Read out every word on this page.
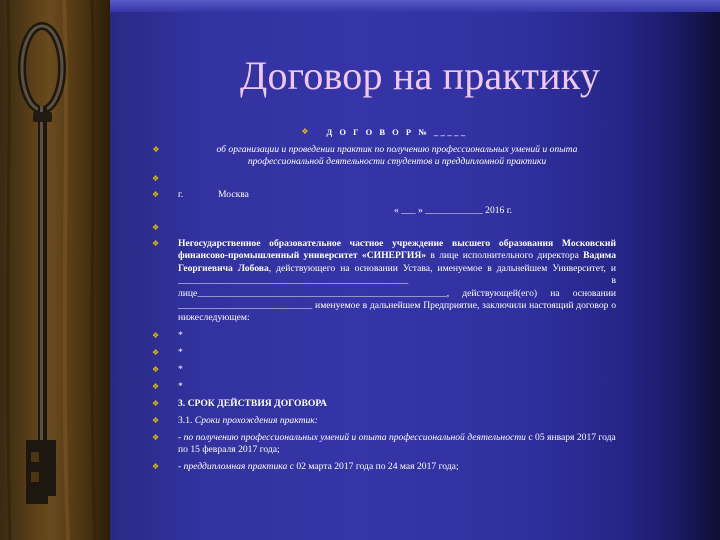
Договор на практику
❖ Д О Г О В О Р № _____
❖	об организации и проведении практик по получению профессиональных умений и опыта профессиональной деятельности студентов и преддипломной практики
❖
❖ г.	Москва
« ___ » ____________ 2016 г.
❖
❖ Негосударственное образовательное частное учреждение высшего образования Московский финансово-промышленный университет «СИНЕРГИЯ» в лице исполнительного директора Вадима Георгиевича Лобова, действующего на основании Устава, именуемое в дальнейшем Университет, и ________________________________________________ в лице____________________________________________________, действующей(его) на основании ____________________________ именуемое в дальнейшем Предприятие, заключили настоящий договор о нижеследующем:
❖ *
❖ *
❖ *
❖ *
❖ 3. СРОК ДЕЙСТВИЯ ДОГОВОРА
❖ 3.1. Сроки прохождения практик:
❖ - по получению профессиональных умений и опыта профессиональной деятельности с 05 января 2017 года по 15 февраля 2017 года;
❖ - преддипломная практика с 02 марта 2017 года по 24 мая 2017 года;
